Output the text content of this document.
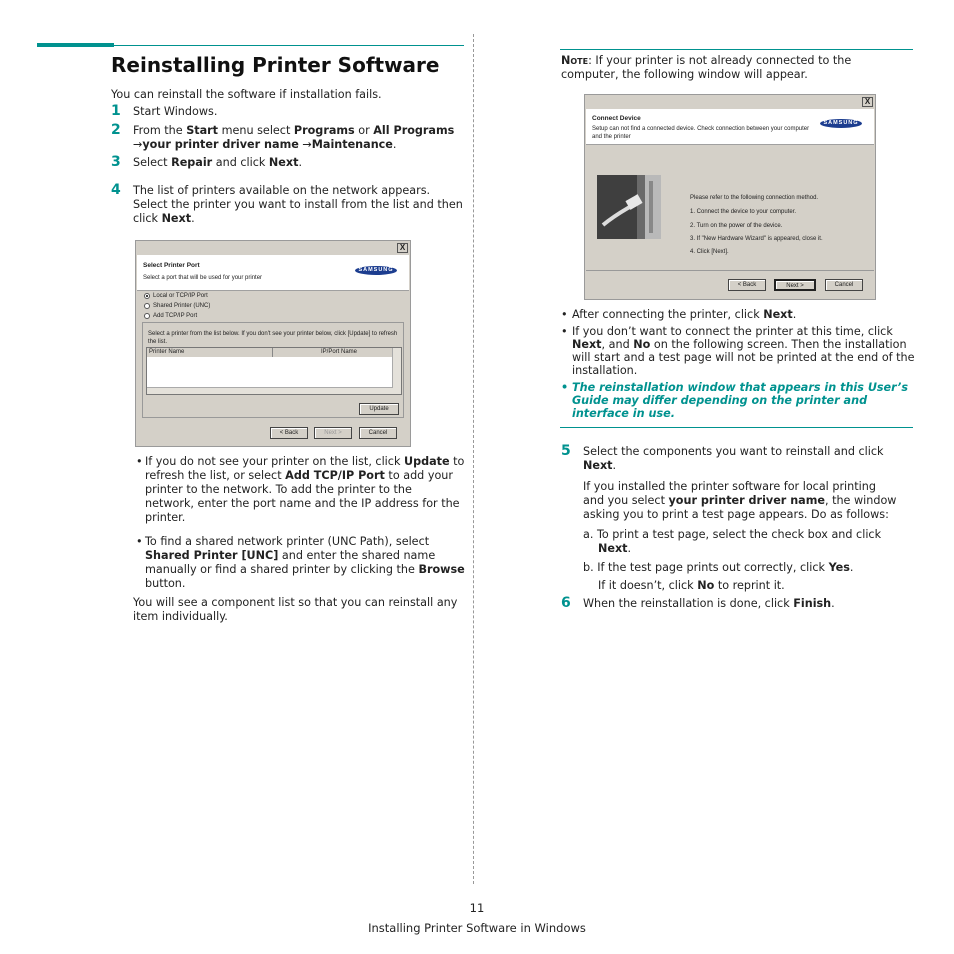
Reinstalling Printer Software
You can reinstall the software if installation fails.
1 Start Windows.
2 From the Start menu select Programs or All Programs
→your printer driver name →Maintenance.
3 Select Repair and click Next.
4 The list of printers available on the network appears.
Select the printer you want to install from the list and then
click Next.
X
Select Printer Port
Select a port that will be used for your printer
SAMSUNG
Local or TCP/IP Port
Shared Printer (UNC)
Add TCP/IP Port
Select a printer from the list below. If you don't see your printer below, click [Update] to refresh the list.
Printer Name	IP/Port Name
Update
< Back	Next >	Cancel
• If you do not see your printer on the list, click Update to
refresh the list, or select Add TCP/IP Port to add your
printer to the network. To add the printer to the
network, enter the port name and the IP address for the
printer.
• To find a shared network printer (UNC Path), select
Shared Printer [UNC] and enter the shared name
manually or find a shared printer by clicking the Browse
button.
You will see a component list so that you can reinstall any
item individually.
Note: If your printer is not already connected to the
computer, the following window will appear.
X
Connect Device
Setup can not find a connected device. Check connection between your computer and the printer
SAMSUNG
Please refer to the following connection method.
1. Connect the device to your computer.
2. Turn on the power of the device.
3. If "New Hardware Wizard" is appeared, close it.
4. Click [Next].
< Back	Next >	Cancel
• After connecting the printer, click Next.
• If you don’t want to connect the printer at this time, click
Next, and No on the following screen. Then the installation
will start and a test page will not be printed at the end of the
installation.
• The reinstallation window that appears in this User’s
Guide may differ depending on the printer and
interface in use.
5 Select the components you want to reinstall and click
Next.
If you installed the printer software for local printing
and you select your printer driver name, the window
asking you to print a test page appears. Do as follows:
a. To print a test page, select the check box and click
Next.
b. If the test page prints out correctly, click Yes.
If it doesn’t, click No to reprint it.
6 When the reinstallation is done, click Finish.
11
Installing Printer Software in Windows
